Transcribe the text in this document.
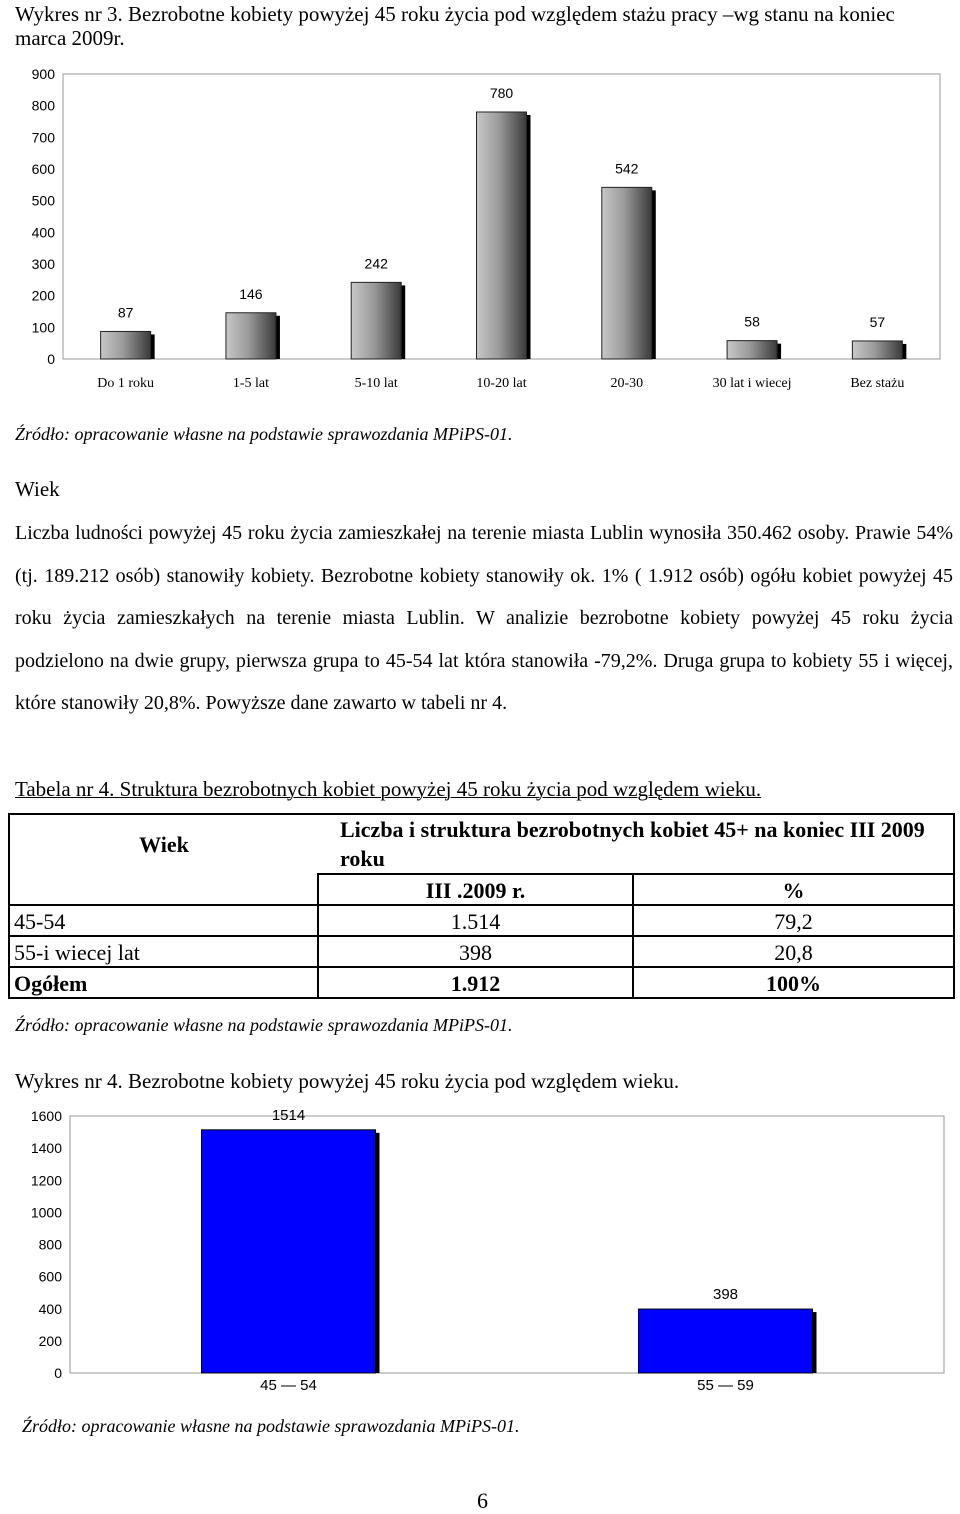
Wykres nr 3. Bezrobotne kobiety powyżej 45 roku życia pod względem stażu pracy –wg stanu na koniec marca 2009r.
0
100
200
300
400
500
600
700
800
900
87
146
242
780
542
58	57
Do 1 roku	1-5 lat	5-10 lat	10-20 lat	20-30	30 lat i wiecej	Bez stażu
Źródło: opracowanie własne na podstawie sprawozdania MPiPS-01.
Wiek
Liczba ludności powyżej 45 roku życia zamieszkałej na terenie miasta Lublin wynosiła 350.462 osoby. Prawie 54% (tj. 189.212 osób) stanowiły kobiety. Bezrobotne kobiety stanowiły ok. 1% ( 1.912 osób) ogółu kobiet powyżej 45 roku życia zamieszkałych na terenie miasta Lublin. W analizie bezrobotne kobiety powyżej 45 roku życia podzielono na dwie grupy, pierwsza grupa to 45-54 lat która stanowiła -79,2%. Druga grupa to kobiety 55 i więcej, które stanowiły 20,8%. Powyższe dane zawarto w tabeli nr 4.
Tabela nr 4. Struktura bezrobotnych kobiet powyżej 45 roku życia pod względem wieku.
Wiek	Liczba i struktura bezrobotnych kobiet 45+ na koniec III 2009 roku	

	III .2009 r.	%
45-54	1.514	79,2
55-i wiecej lat	398	20,8
Ogółem	1.912	100%
Źródło: opracowanie własne na podstawie sprawozdania MPiPS-01.
Wykres nr 4. Bezrobotne kobiety powyżej 45 roku życia pod względem wieku.
0
200
400
600
800
1000
1200
1400
1600	1514
398
45 — 54	55 — 59
Źródło: opracowanie własne na podstawie sprawozdania MPiPS-01.
6
